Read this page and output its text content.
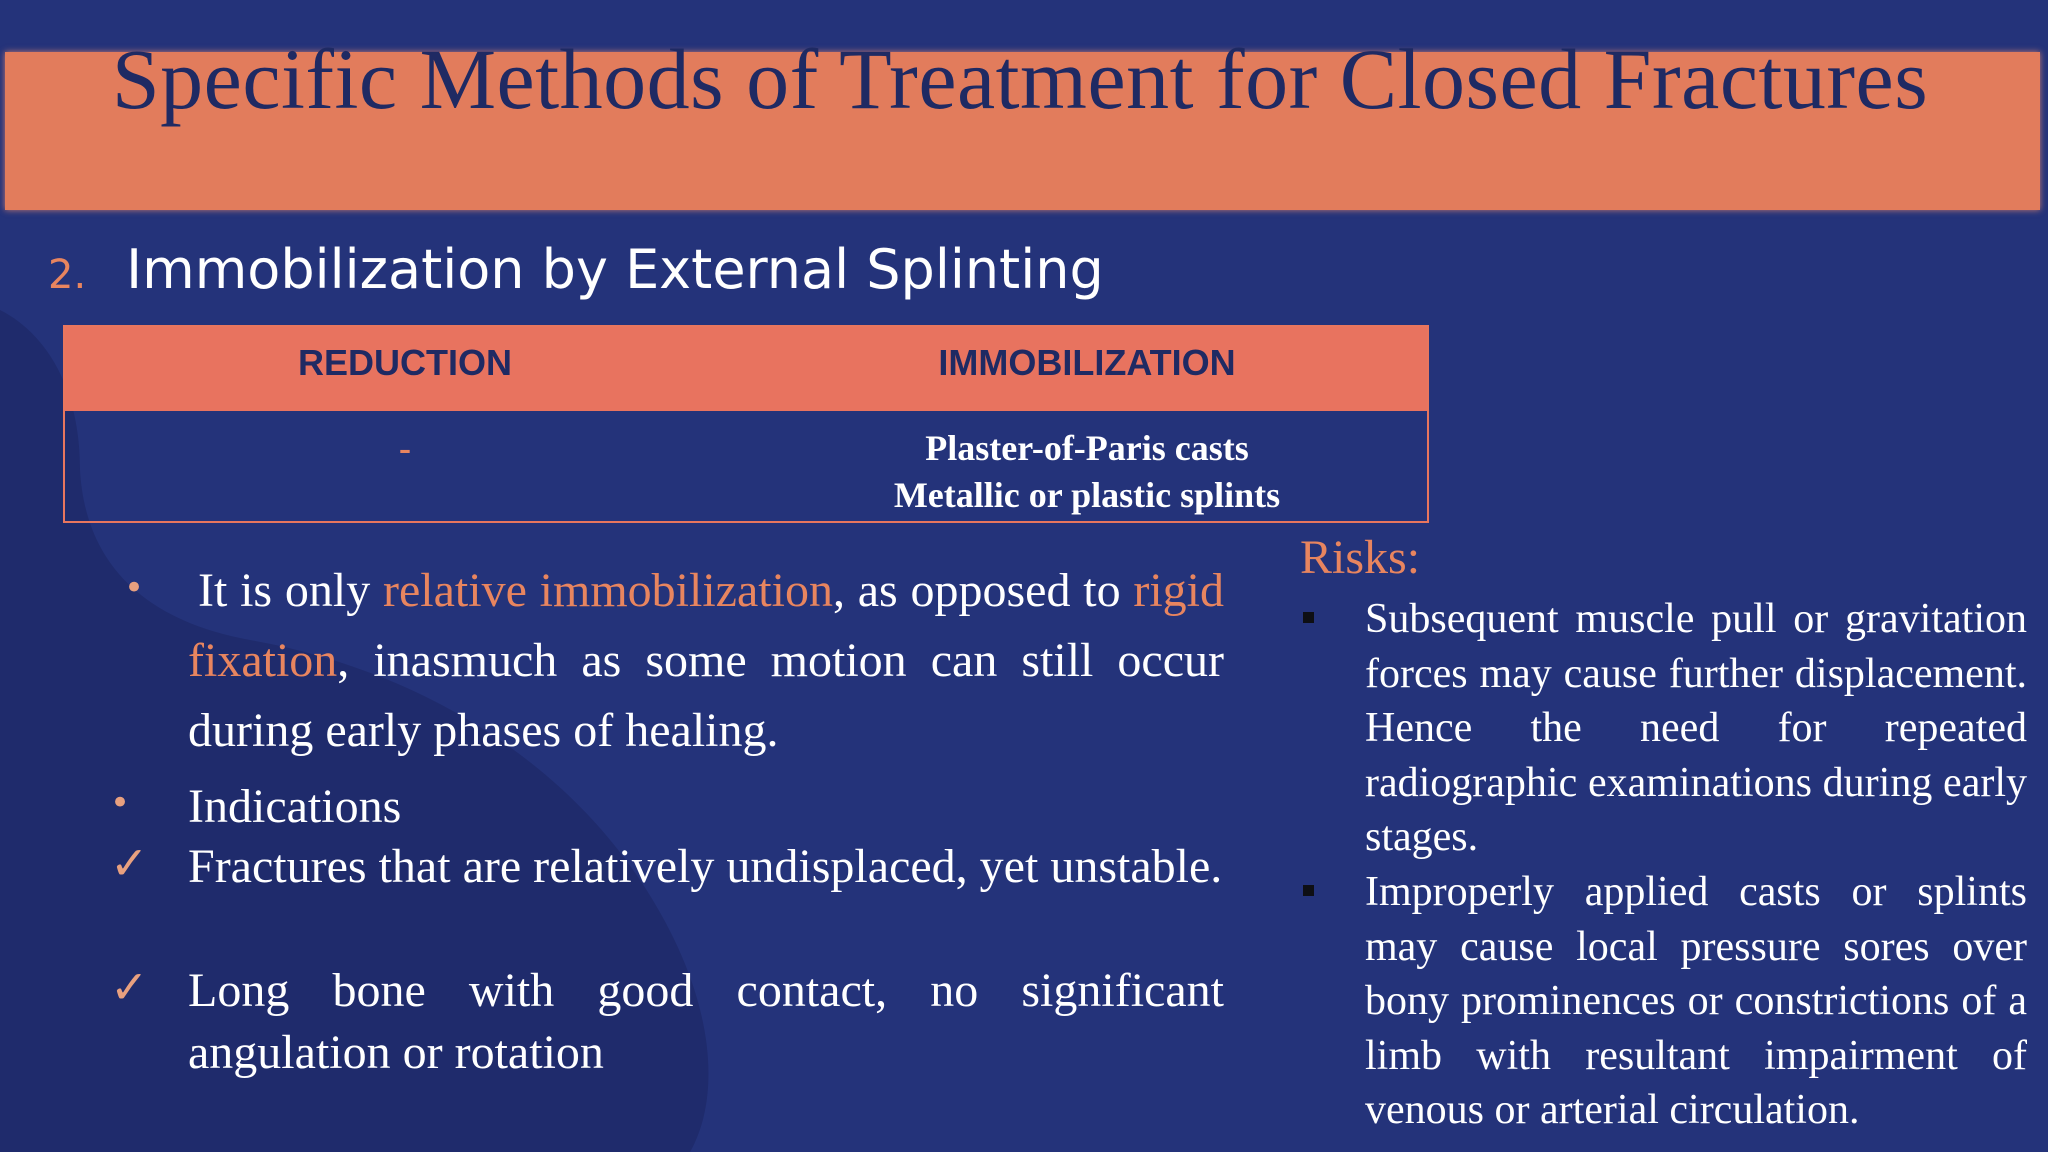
Specific Methods of Treatment for Closed Fractures
2. Immobilization by External Splinting
REDUCTION	IMMOBILIZATION
-	Plaster-of-Paris casts
Metallic or plastic splints
• It is only relative immobilization, as opposed to rigid fixation, inasmuch as some motion can still occur during early phases of healing.
• Indications
✓ Fractures that are relatively undisplaced, yet unstable.
✓ Long bone with good contact, no significant angulation or rotation
Risks:
Subsequent muscle pull or gravitation forces may cause further displacement. Hence the need for repeated radiographic examinations during early stages.
Improperly applied casts or splints may cause local pressure sores over bony prominences or constrictions of a limb with resultant impairment of venous or arterial circulation.
